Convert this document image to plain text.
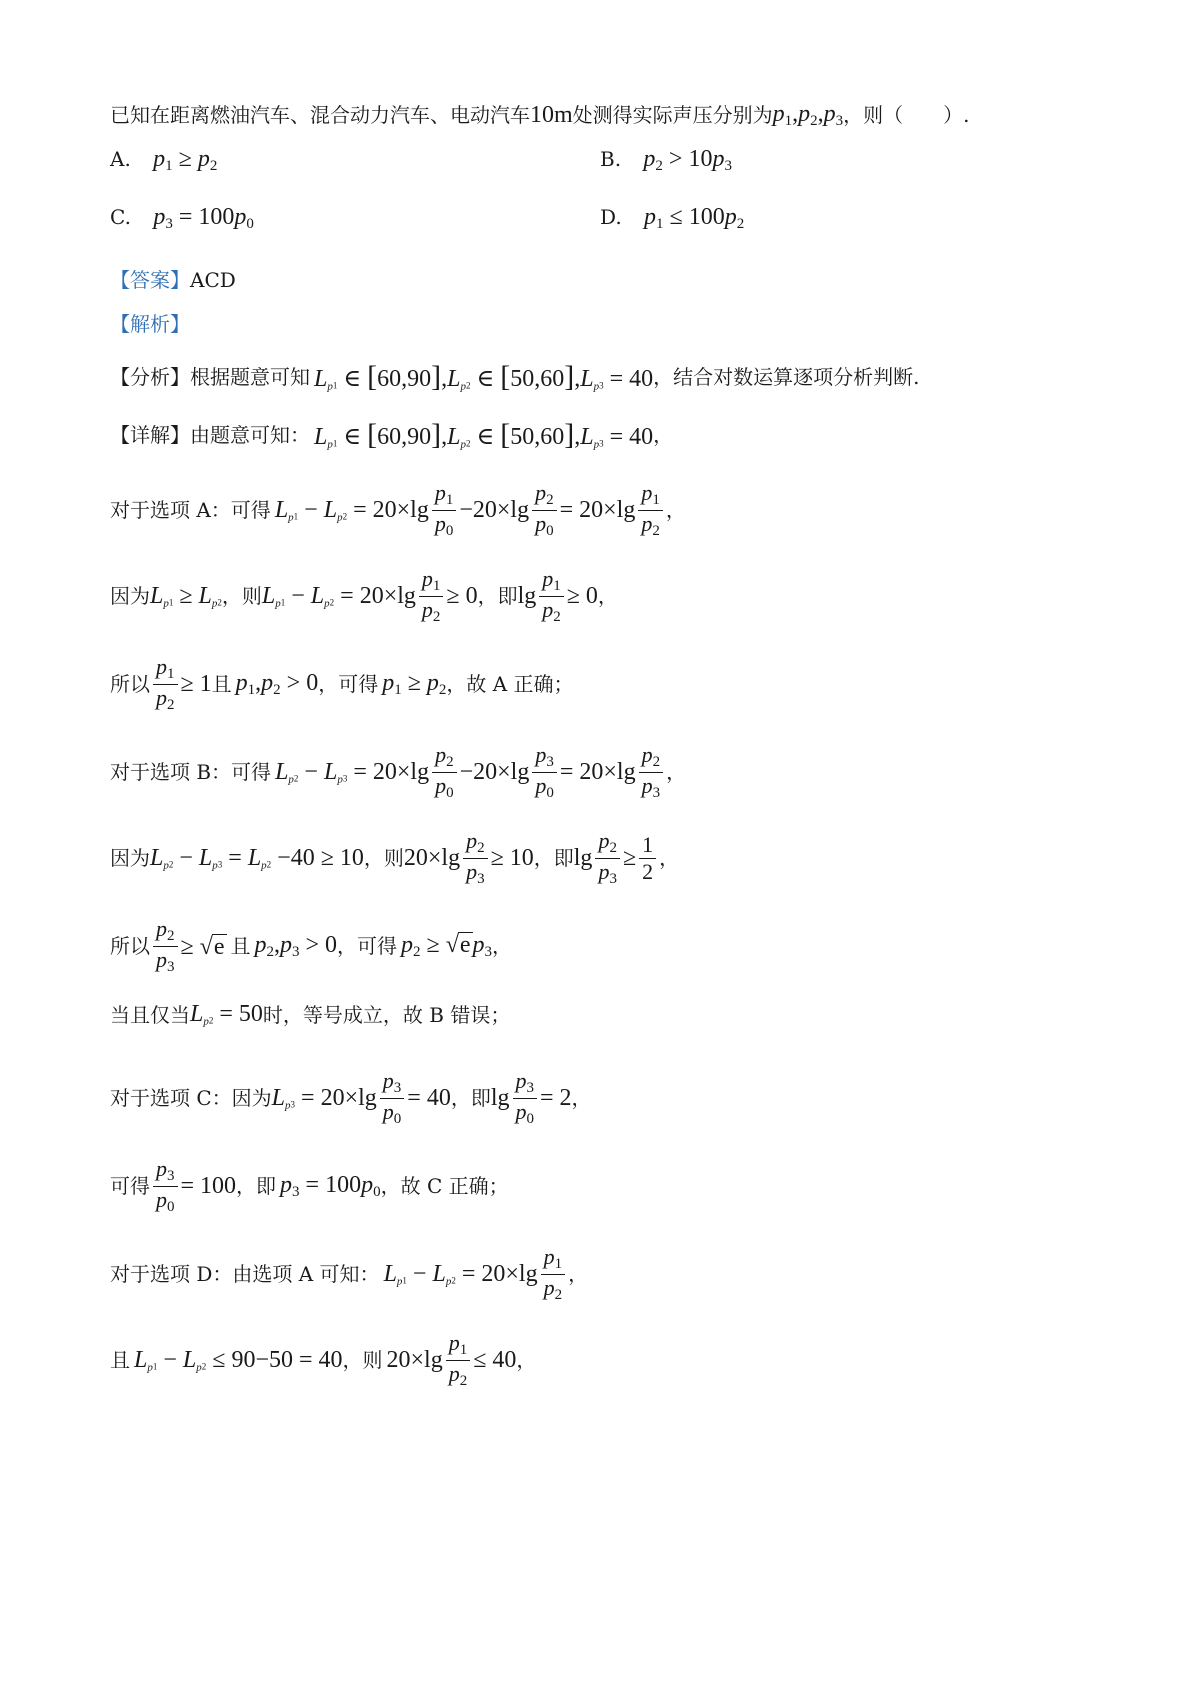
已知在距离燃油汽车、混合动力汽车、电动汽车 10m 处测得实际声压分别为 p1,p2,p3 ，则（　　）.
A. p1 ≥ p2	B. p2 > 10p3
C. p3 = 100p0	D. p1 ≤ 100p2
【答案】 ACD
【解析】
【分析】 根据题意可知 Lp1 ∈ [60,90],Lp2 ∈ [50,60],Lp3 = 40 ，结合对数运算逐项分析判断.
【详解】 由题意可知： Lp1 ∈ [60,90],Lp2 ∈ [50,60],Lp3 = 40 ，
对于选项 A：可得 Lp1 − Lp2 = 20×lg
p1
p0
$-20\times\lg \frac{p2}{p0} = 20\times\lg$
p1
p2
，
因为 Lp1 ≥ Lp2 ，则 $Lp1 - Lp2 = 20\times\lg \frac{p1}{p2} \ge 0$ ，即 $\lg \frac{p1}{p2} \ge 0$ ，
所以 $\frac{p1}{p2} \ge 1$ 且 p1,p2 > 0 ，可得 p1 ≥ p2 ，故 A 正确；
对于选项 B：可得 Lp2 − Lp3 = 20×lg
p2
p0
$-20\times\lg \frac{p3}{p0} = 20\times\lg$
p2
p3
，
因为 Lp2 − Lp3 = Lp2 −40 ≥ 10 ，则 $20\times\lg \frac{p2}{p3} \ge 10$ ，即 $\lg \frac{p2}{p3} \ge \frac{1}{2}$ ，
所以 $\frac{p2}{p3} \ge √e$ 且 p2,p3 > 0 ，可得 p2 ≥ √ep3 ，
当且仅当 Lp2 = 50 时，等号成立，故 B 错误；
对于选项 C：因为 $Lp3 = 20\times\lg \frac{p3}{p0} = 40$ ，即 $\lg \frac{p3}{p0} = 2$ ，
可得 $\frac{p3}{p0} = 100$ ，即 p3 = 100p0 ，故 C 正确；
对于选项 D：由选项 A 可知： Lp1 − Lp2 = 20×lg
p1
p2
，
且 Lp1 − Lp2 ≤ 90−50 = 40 ，则 $20\times\lg \frac{p1}{p2} \le 40$ ，
